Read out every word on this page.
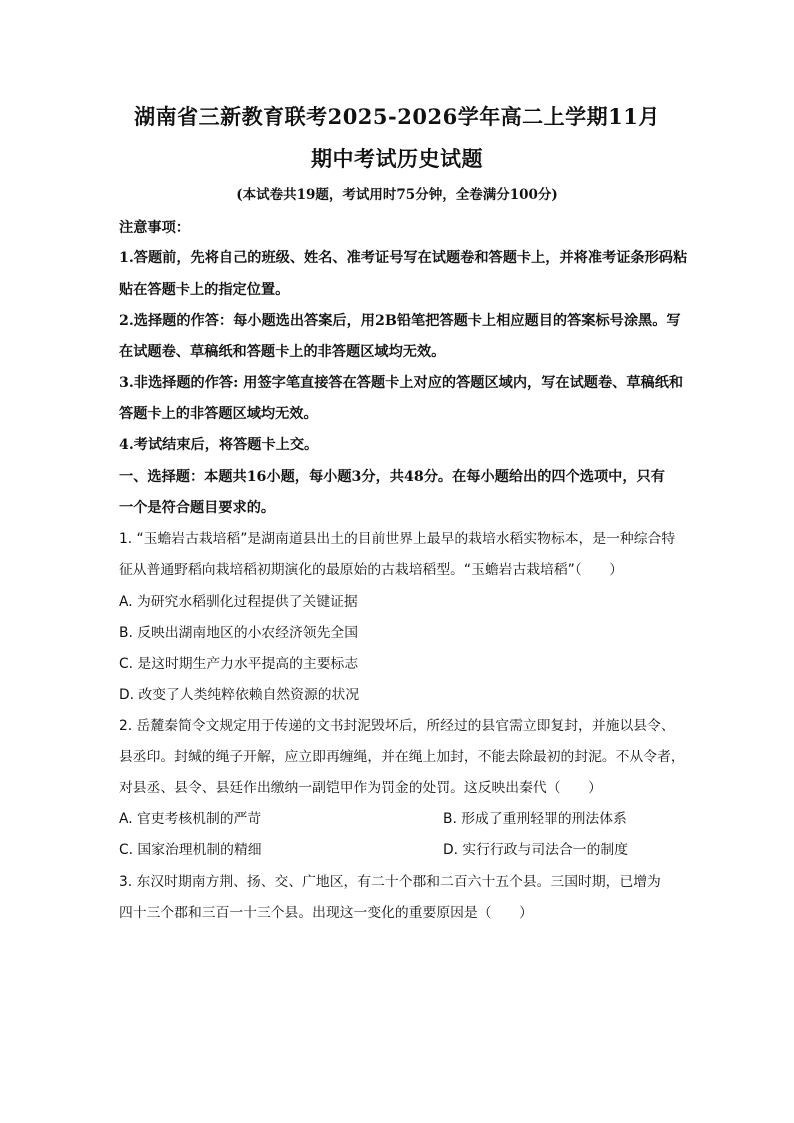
湖南省三新教育联考2025-2026学年高二上学期11月
期中考试历史试题
(本试卷共19题，考试用时75分钟，全卷满分100分)
注意事项：
1.答题前，先将自己的班级、姓名、准考证号写在试题卷和答题卡上，并将准考证条形码粘
贴在答题卡上的指定位置。
2.选择题的作答：每小题选出答案后，用2B铅笔把答题卡上相应题目的答案标号涂黑。写
在试题卷、草稿纸和答题卡上的非答题区域均无效。
3.非选择题的作答: 用签字笔直接答在答题卡上对应的答题区域内，写在试题卷、草稿纸和
答题卡上的非答题区域均无效。
4.考试结束后，将答题卡上交。
一、选择题：本题共16小题，每小题3分，共48分。在每小题给出的四个选项中，只有
一个是符合题目要求的。
1. “玉蟾岩古栽培稻”是湖南道县出土的目前世界上最早的栽培水稻实物标本，是一种综合特
征从普通野稻向栽培稻初期演化的最原始的古栽培稻型。“玉蟾岩古栽培稻”（　　）
A. 为研究水稻驯化过程提供了关键证据
B. 反映出湖南地区的小农经济领先全国
C. 是这时期生产力水平提高的主要标志
D. 改变了人类纯粹依赖自然资源的状况
2. 岳麓秦简令文规定用于传递的文书封泥毁坏后，所经过的县官需立即复封，并施以县令、
县丞印。封缄的绳子开解，应立即再缠绳，并在绳上加封，不能去除最初的封泥。不从令者，
对县丞、县令、县廷作出缴纳一副铠甲作为罚金的处罚。这反映出秦代（　　）
A. 官吏考核机制的严苛	B. 形成了重刑轻罪的刑法体系
C. 国家治理机制的精细	D. 实行行政与司法合一的制度
3. 东汉时期南方荆、扬、交、广地区，有二十个郡和二百六十五个县。三国时期，已增为
四十三个郡和三百一十三个县。出现这一变化的重要原因是（　　）
